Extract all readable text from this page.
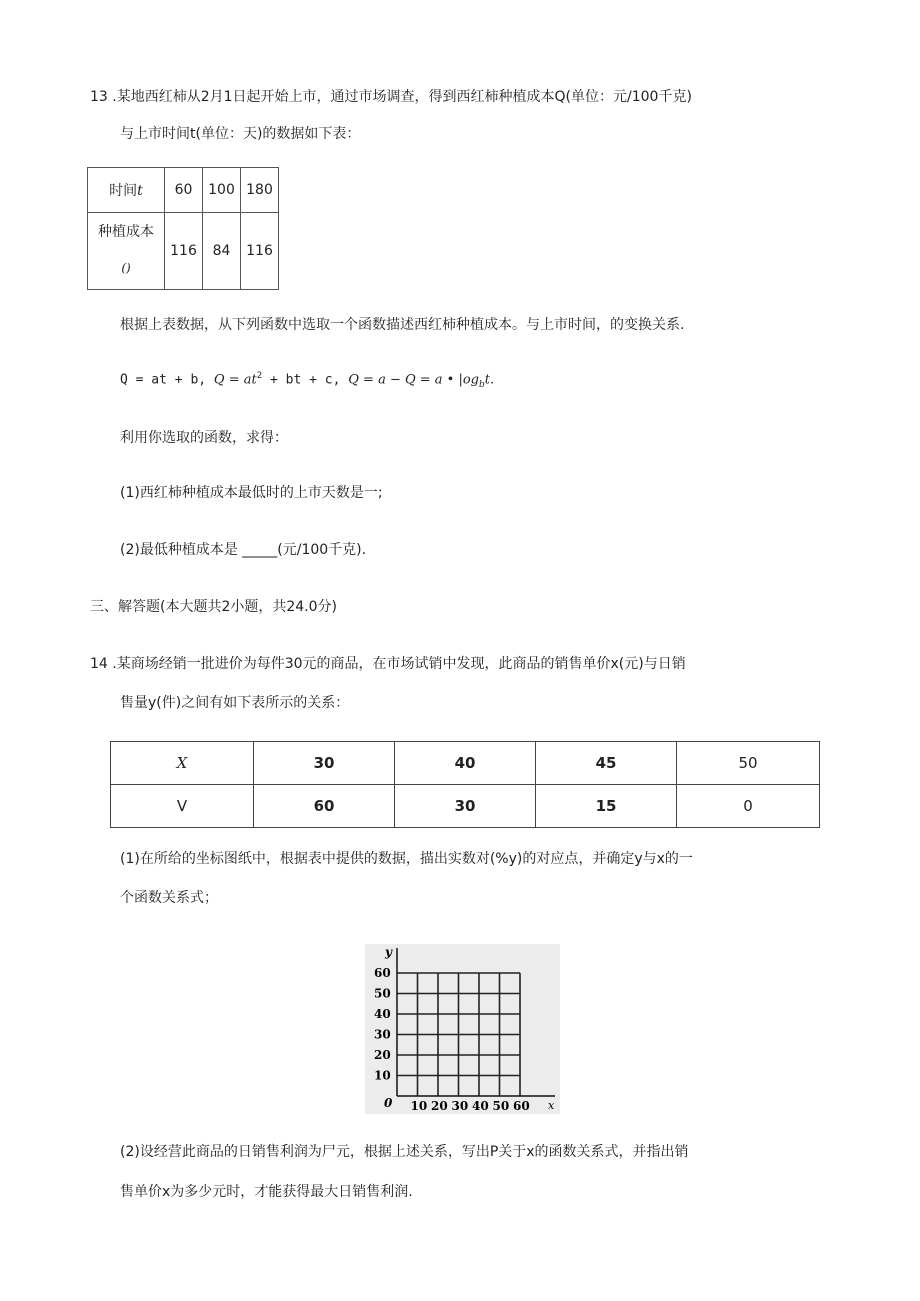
13 .某地西红柿从2月1日起开始上市，通过市场调查，得到西红柿种植成本Q(单位：元/100千克)
与上市时间t(单位：天)的数据如下表：
时间t	60	100	180

种植成本
()	116	84	116
根据上表数据，从下列函数中选取一个函数描述西红柿种植成本。与上市时间，的变换关系.
Q = at + b, $Q = at^2$ + bt + c, Q = a − Q = a • $|og_bt$.
利用你选取的函数，求得：
(1)西红柿种植成本最低时的上市天数是一;
(2)最低种植成本是 _____(元/100千克).
三、解答题(本大题共2小题，共24.0分)
14 .某商场经销一批进价为每件30元的商品，在市场试销中发现，此商品的销售单价x(元)与日销
售量y(件)之间有如下表所示的关系：
X	30	40	45	50
V	60	30	15	0
(1)在所给的坐标图纸中，根据表中提供的数据，描出实数对(%y)的对应点，并确定y与x的一
个函数关系式；
y
x
0
10
20
30
40
50
60
10 20 30 40 50 60
(2)设经营此商品的日销售利润为尸元，根据上述关系，写出P关于x的函数关系式，并指出销
售单价x为多少元时，才能获得最大日销售利润.
